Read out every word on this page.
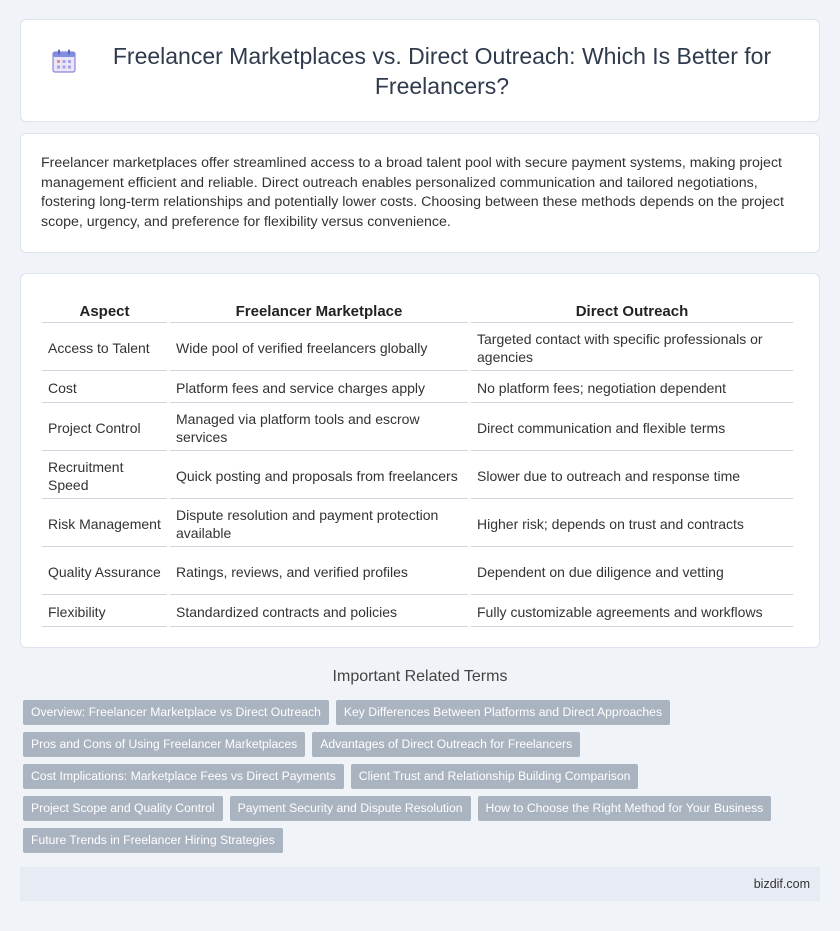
Freelancer Marketplaces vs. Direct Outreach: Which Is Better for Freelancers?

Freelancer marketplaces offer streamlined access to a broad talent pool with secure payment systems, making project management efficient and reliable. Direct outreach enables personalized communication and tailored negotiations, fostering long-term relationships and potentially lower costs. Choosing between these methods depends on the project scope, urgency, and preference for flexibility versus convenience.

Aspect	Freelancer Marketplace	Direct Outreach
Access to Talent	Wide pool of verified freelancers globally	Targeted contact with specific professionals or agencies
Cost	Platform fees and service charges apply	No platform fees; negotiation dependent
Project Control	Managed via platform tools and escrow services	Direct communication and flexible terms
Recruitment Speed	Quick posting and proposals from freelancers	Slower due to outreach and response time
Risk Management	Dispute resolution and payment protection available	Higher risk; depends on trust and contracts
Quality Assurance	Ratings, reviews, and verified profiles	Dependent on due diligence and vetting
Flexibility	Standardized contracts and policies	Fully customizable agreements and workflows
Important Related Terms
Overview: Freelancer Marketplace vs Direct Outreach	Key Differences Between Platforms and Direct Approaches
Pros and Cons of Using Freelancer Marketplaces	Advantages of Direct Outreach for Freelancers
Cost Implications: Marketplace Fees vs Direct Payments	Client Trust and Relationship Building Comparison
Project Scope and Quality Control	Payment Security and Dispute Resolution	How to Choose the Right Method for Your Business
Future Trends in Freelancer Hiring Strategies
bizdif.com
